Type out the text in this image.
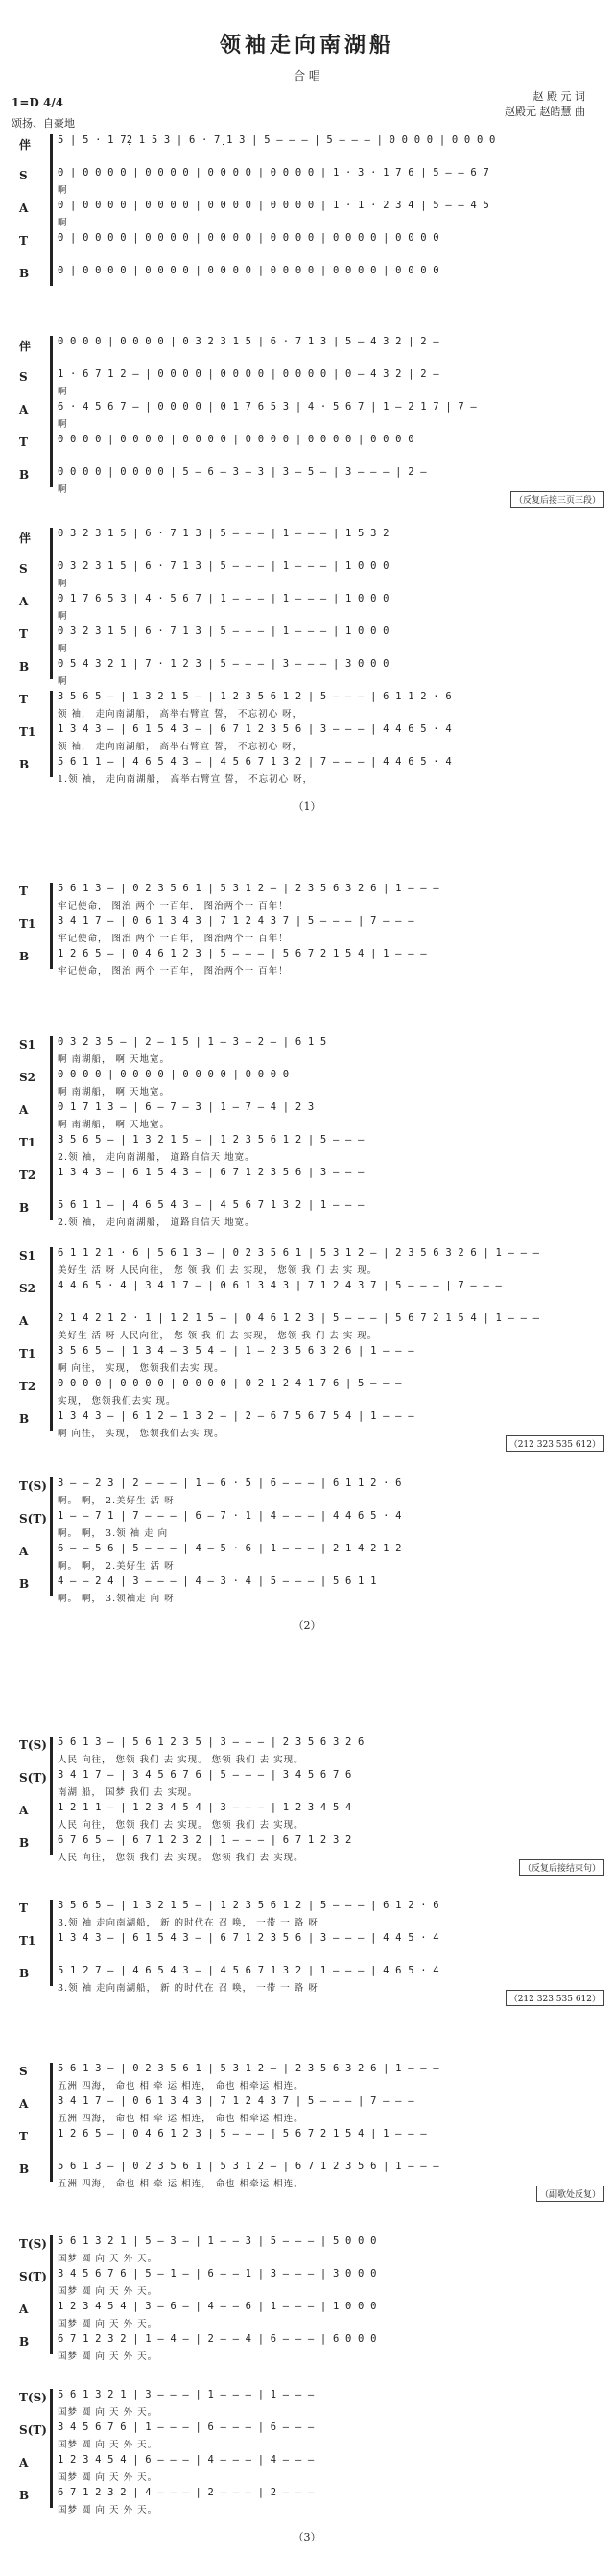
领袖走向南湖船
合 唱
赵 殿 元 词
赵殿元 赵皓慧 曲
1=D 4/4
颂扬、自豪地
伴	5 | 5 · 1 7̣2 1 5 3 | 6 · 7̣ 1 3 | 5 — — — | 5 — — — | 0 0 0 0 | 0 0 0 0
S	0 | 0 0 0 0 | 0 0 0 0 | 0 0 0 0 | 0 0 0 0 | 1 · 3 · 1 7 6 | 5 — — 6 7
啊
A	0 | 0 0 0 0 | 0 0 0 0 | 0 0 0 0 | 0 0 0 0 | 1 · 1 · 2 3 4 | 5 — — 4 5
啊
T	0 | 0 0 0 0 | 0 0 0 0 | 0 0 0 0 | 0 0 0 0 | 0 0 0 0 | 0 0 0 0
B	0 | 0 0 0 0 | 0 0 0 0 | 0 0 0 0 | 0 0 0 0 | 0 0 0 0 | 0 0 0 0
伴	0 0 0 0 | 0 0 0 0 | 0 3 2 3 1 5 | 6 · 7 1 3 | 5 — 4 3 2 | 2 —
S	1 · 6 7 1 2 — | 0 0 0 0 | 0 0 0 0 | 0 0 0 0 | 0 — 4 3 2 | 2 —
啊
A	6 · 4 5 6 7 — | 0 0 0 0 | 0 1 7 6 5 3 | 4 · 5 6 7 | 1 — 2 1 7 | 7 —
啊
T	0 0 0 0 | 0 0 0 0 | 0 0 0 0 | 0 0 0 0 | 0 0 0 0 | 0 0 0 0
B	0 0 0 0 | 0 0 0 0 | 5 — 6 — 3 — 3 | 3 — 5 — | 3 — — — | 2 —
啊
（反复后接三页三段）
伴	0 3 2 3 1 5 | 6 · 7 1 3 | 5 — — — | 1 — — — | 1 5 3 2
S	0 3 2 3 1 5 | 6 · 7 1 3 | 5 — — — | 1 — — — | 1 0 0 0
啊
A	0 1 7 6 5 3 | 4 · 5 6 7 | 1 — — — | 1 — — — | 1 0 0 0
啊
T	0 3 2 3 1 5 | 6 · 7 1 3 | 5 — — — | 1 — — — | 1 0 0 0
啊
B	0 5 4 3 2 1 | 7 · 1 2 3 | 5 — — — | 3 — — — | 3 0 0 0
啊
T	3 5 6 5 — | 1 3 2 1 5 — | 1 2 3 5 6 1 2 | 5 — — — | 6 1 1 2 · 6
领 袖， 走向南湖船， 高举右臂宣 誓， 不忘初心 呀，
T1	1 3 4 3 — | 6 1 5 4 3 — | 6 7 1 2 3 5 6 | 3 — — — | 4 4 6 5 · 4
领 袖， 走向南湖船， 高举右臂宣 誓， 不忘初心 呀，
B	5 6 1 1 — | 4 6 5 4 3 — | 4 5 6 7 1 3 2 | 7 — — — | 4 4 6 5 · 4
1.领 袖， 走向南湖船， 高举右臂宣 誓， 不忘初心 呀，
（1）
T	5 6 1 3 — | 0 2 3 5 6 1 | 5 3 1 2 — | 2 3 5 6 3 2 6 | 1 — — —
牢记使命， 图治 两个 一百年， 图治两个一 百年！
T1	3 4 1 7 — | 0 6 1 3 4 3 | 7 1 2 4 3 7 | 5 — — — | 7 — — —
牢记使命， 图治 两个 一百年， 图治两个一 百年！
B	1 2 6 5 — | 0 4 6 1 2 3 | 5 — — — | 5 6 7 2 1 5 4 | 1 — — —
牢记使命， 图治 两个 一百年， 图治两个一 百年！
S1	0 3 2 3 5 — | 2 — 1 5 | 1 — 3 — 2 — | 6 1 5
啊 南湖船， 啊 天地宽。
S2	0 0 0 0 | 0 0 0 0 | 0 0 0 0 | 0 0 0 0
啊 南湖船， 啊 天地宽。
A	0 1 7 1 3 — | 6 — 7 — 3 | 1 — 7 — 4 | 2 3
啊 南湖船， 啊 天地宽。
T1	3 5 6 5 — | 1 3 2 1 5 — | 1 2 3 5 6 1 2 | 5 — — —
2.领 袖， 走向南湖船， 道路自信天 地宽。
T2	1 3 4 3 — | 6 1 5 4 3 — | 6 7 1 2 3 5 6 | 3 — — —
B	5 6 1 1 — | 4 6 5 4 3 — | 4 5 6 7 1 3 2 | 1 — — —
2.领 袖， 走向南湖船， 道路自信天 地宽。
S1	6 1 1 2 1 · 6 | 5 6 1 3 — | 0 2 3 5 6 1 | 5 3 1 2 — | 2 3 5 6 3 2 6 | 1 — — —
美好生 活 呀 人民向往， 您 领 我 们 去 实现， 您领 我 们 去 实 现。
S2	4 4 6 5 · 4 | 3 4 1 7 — | 0 6 1 3 4 3 | 7 1 2 4 3 7 | 5 — — — | 7 — — —
A	2 1 4 2 1 2 · 1 | 1 2 1 5 — | 0 4 6 1 2 3 | 5 — — — | 5 6 7 2 1 5 4 | 1 — — —
美好生 活 呀 人民向往， 您 领 我 们 去 实现， 您领 我 们 去 实 现。
T1	3 5 6 5 — | 1 3 4 — 3 5 4 — | 1 — 2 3 5 6 3 2 6 | 1 — — —
啊 向往， 实现， 您领我们去实 现。
T2	0 0 0 0 | 0 0 0 0 | 0 0 0 0 | 0 2 1 2 4 1 7 6 | 5 — — —
实现， 您领我们去实 现。
B	1 3 4 3 — | 6 1 2 — 1 3 2 — | 2 — 6 7 5 6 7 5 4 | 1 — — —
啊 向往， 实现， 您领我们去实 现。
（212 323 535 612）
T(S)	3 — — 2 3 | 2 — — — | 1 — 6 · 5 | 6 — — — | 6 1 1 2 · 6
啊。 啊， 2.美好生 活 呀
S(T)	1 — — 7 1 | 7 — — — | 6 — 7 · 1 | 4 — — — | 4 4 6 5 · 4
啊。 啊， 3.领 袖 走 向
A	6 — — 5 6 | 5 — — — | 4 — 5 · 6 | 1 — — — | 2 1 4 2 1 2
啊。 啊， 2.美好生 活 呀
B	4 — — 2 4 | 3 — — — | 4 — 3 · 4 | 5 — — — | 5 6 1 1
啊。 啊， 3.领袖走 向 呀
（2）
T(S)	5 6 1 3 — | 5 6 1 2 3 5 | 3 — — — | 2 3 5 6 3 2 6
人民 向往， 您领 我们 去 实现。 您领 我们 去 实现。
S(T)	3 4 1 7 — | 3 4 5 6 7 6 | 5 — — — | 3 4 5 6 7 6
南湖 船， 国梦 我们 去 实现。
A	1 2 1 1 — | 1 2 3 4 5 4 | 3 — — — | 1 2 3 4 5 4
人民 向往， 您领 我们 去 实现。 您领 我们 去 实现。
B	6 7 6 5 — | 6 7 1 2 3 2 | 1 — — — | 6 7 1 2 3 2
人民 向往， 您领 我们 去 实现。 您领 我们 去 实现。
（反复后接结束句）
T	3 5 6 5 — | 1 3 2 1 5 — | 1 2 3 5 6 1 2 | 5 — — — | 6 1 2 · 6
3.领 袖 走向南湖船， 新 的时代在 召 唤， 一带 一 路 呀
T1	1 3 4 3 — | 6 1 5 4 3 — | 6 7 1 2 3 5 6 | 3 — — — | 4 4 5 · 4
B	5 1 2 7 — | 4 6 5 4 3 — | 4 5 6 7 1 3 2 | 1 — — — | 4 6 5 · 4
3.领 袖 走向南湖船， 新 的时代在 召 唤， 一带 一 路 呀
（212 323 535 612）
S	5 6 1 3 — | 0 2 3 5 6 1 | 5 3 1 2 — | 2 3 5 6 3 2 6 | 1 — — —
五洲 四海， 命也 相 牵 运 相连， 命也 相牵运 相连。
A	3 4 1 7 — | 0 6 1 3 4 3 | 7 1 2 4 3 7 | 5 — — — | 7 — — —
五洲 四海， 命也 相 牵 运 相连， 命也 相牵运 相连。
T	1 2 6 5 — | 0 4 6 1 2 3 | 5 — — — | 5 6 7 2 1 5 4 | 1 — — —
B	5 6 1 3 — | 0 2 3 5 6 1 | 5 3 1 2 — | 6 7 1 2 3 5 6 | 1 — — —
五洲 四海， 命也 相 牵 运 相连， 命也 相牵运 相连。
（副歌处反复）
T(S)	5 6 1 3 2 1 | 5 — 3 — | 1 — — 3 | 5 — — — | 5 0 0 0
国梦 圆 向 天 外 天。
S(T)	3 4 5 6 7 6 | 5 — 1 — | 6 — — 1 | 3 — — — | 3 0 0 0
国梦 圆 向 天 外 天。
A	1 2 3 4 5 4 | 3 — 6 — | 4 — — 6 | 1 — — — | 1 0 0 0
国梦 圆 向 天 外 天。
B	6 7 1 2 3 2 | 1 — 4 — | 2 — — 4 | 6 — — — | 6 0 0 0
国梦 圆 向 天 外 天。
T(S)	5 6 1 3 2 1 | 3 — — — | 1 — — — | 1 — — —
国梦 圆 向 天 外 天。
S(T)	3 4 5 6 7 6 | 1 — — — | 6 — — — | 6 — — —
国梦 圆 向 天 外 天。
A	1 2 3 4 5 4 | 6 — — — | 4 — — — | 4 — — —
国梦 圆 向 天 外 天。
B	6 7 1 2 3 2 | 4 — — — | 2 — — — | 2 — — —
国梦 圆 向 天 外 天。
（3）
